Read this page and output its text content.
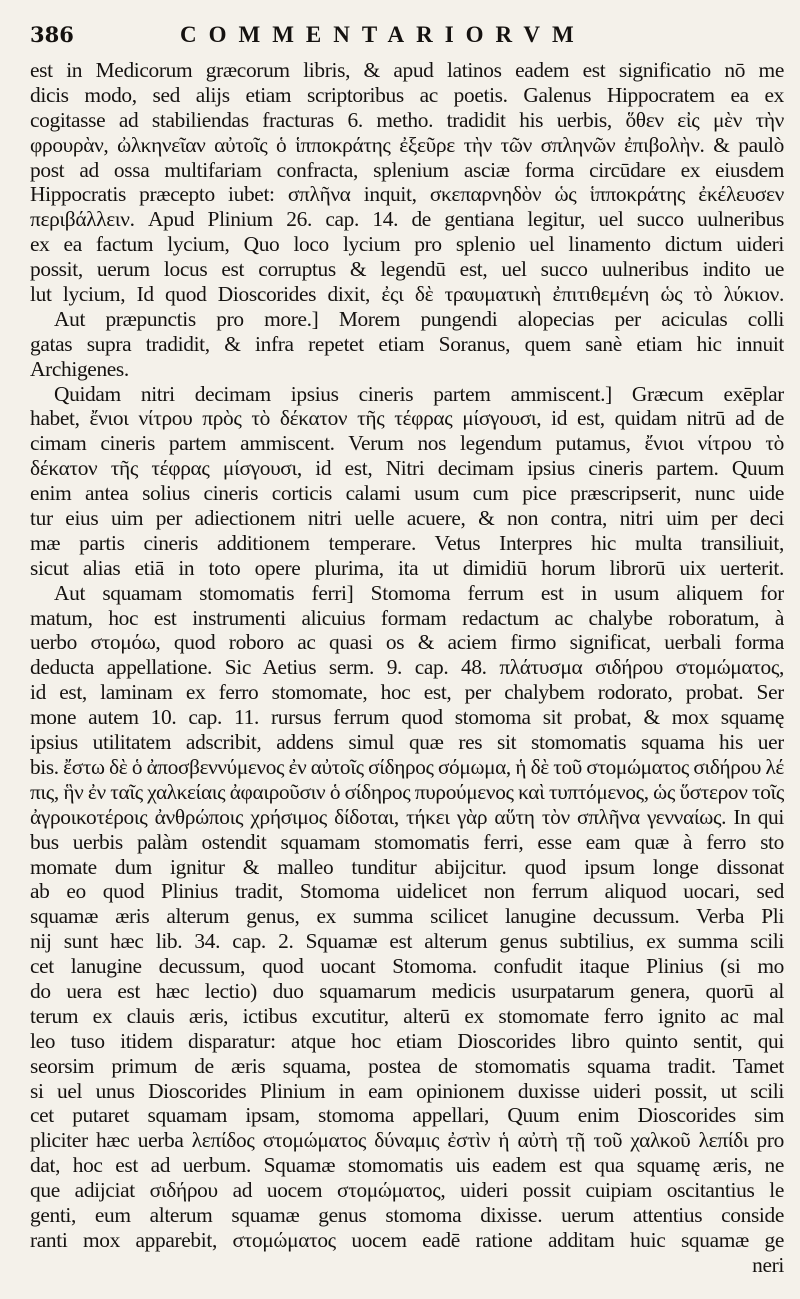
386	COMMENTARIORVM
est in Medicorum græcorum libris, & apud latinos eadem est significatio nō me
dicis modo, sed alijs etiam scriptoribus ac poetis. Galenus Hippocratem ea ex
cogitasse ad stabiliendas fracturas 6. metho. tradidit his uerbis, ὅθεν εἰς μὲν τὴν
φρουρὰν, ὠλκηνεῖαν αὐτοῖς ὁ ἱπποκράτης ἐξεῦρε τὴν τῶν σπληνῶν ἐπιβολὴν. & paulò
post ad ossa multifariam confracta, splenium asciæ forma circūdare ex eiusdem
Hippocratis præcepto iubet: σπλῆνα inquit, σκεπαρνηδὸν ὡς ἱπποκράτης ἐκέλευσεν
περιβάλλειν. Apud Plinium 26. cap. 14. de gentiana legitur, uel succo uulneribus
ex ea factum lycium, Quo loco lycium pro splenio uel linamento dictum uideri
possit, uerum locus est corruptus & legendū est, uel succo uulneribus indito ue
lut lycium, Id quod Dioscorides dixit, ἐςι δὲ τραυματικὴ ἐπιτιθεμένη ὡς τὸ λύκιον.
Aut præpunctis pro more.] Morem pungendi alopecias per aciculas colli
gatas supra tradidit, & infra repetet etiam Soranus, quem sanè etiam hic innuit
Archigenes.
Quidam nitri decimam ipsius cineris partem ammiscent.] Græcum exēplar
habet, ἔνιοι νίτρου πρὸς τὸ δέκατον τῆς τέφρας μίσγουσι, id est, quidam nitrū ad de
cimam cineris partem ammiscent. Verum nos legendum putamus, ἔνιοι νίτρου τὸ
δέκατον τῆς τέφρας μίσγουσι, id est, Nitri decimam ipsius cineris partem. Quum
enim antea solius cineris corticis calami usum cum pice præscripserit, nunc uide
tur eius uim per adiectionem nitri uelle acuere, & non contra, nitri uim per deci
mæ partis cineris additionem temperare. Vetus Interpres hic multa transiliuit,
sicut alias etiā in toto opere plurima, ita ut dimidiū horum librorū uix uerterit.
Aut squamam stomomatis ferri] Stomoma ferrum est in usum aliquem for
matum, hoc est instrumenti alicuius formam redactum ac chalybe roboratum, à
uerbo στομόω, quod roboro ac quasi os & aciem firmo significat, uerbali forma
deducta appellatione. Sic Aetius serm. 9. cap. 48. πλάτυσμα σιδήρου στομώματος,
id est, laminam ex ferro stomomate, hoc est, per chalybem rodorato, probat. Ser
mone autem 10. cap. 11. rursus ferrum quod stomoma sit probat, & mox squamę
ipsius utilitatem adscribit, addens simul quæ res sit stomomatis squama his uer
bis. ἔστω δὲ ὁ ἀποσβεννύμενος ἐν αὐτοῖς σίδηρος σόμωμα, ἡ δὲ τοῦ στομώματος σιδήρου λέ
πις, ἣν ἐν ταῖς χαλκείαις ἀφαιροῦσιν ὁ σίδηρος πυρούμενος καὶ τυπτόμενος, ὡς ὕστερον τοῖς
ἀγροικοτέροις ἀνθρώποις χρήσιμος δίδοται, τήκει γὰρ αὕτη τὸν σπλῆνα γενναίως. In qui
bus uerbis palàm ostendit squamam stomomatis ferri, esse eam quæ à ferro sto
momate dum ignitur & malleo tunditur abijcitur. quod ipsum longe dissonat
ab eo quod Plinius tradit, Stomoma uidelicet non ferrum aliquod uocari, sed
squamæ æris alterum genus, ex summa scilicet lanugine decussum. Verba Pli
nij sunt hæc lib. 34. cap. 2. Squamæ est alterum genus subtilius, ex summa scili
cet lanugine decussum, quod uocant Stomoma. confudit itaque Plinius (si mo
do uera est hæc lectio) duo squamarum medicis usurpatarum genera, quorū al
terum ex clauis æris, ictibus excutitur, alterū ex stomomate ferro ignito ac mal
leo tuso itidem disparatur: atque hoc etiam Dioscorides libro quinto sentit, qui
seorsim primum de æris squama, postea de stomomatis squama tradit. Tamet
si uel unus Dioscorides Plinium in eam opinionem duxisse uideri possit, ut scili
cet putaret squamam ipsam, stomoma appellari, Quum enim Dioscorides sim
pliciter hæc uerba λεπίδος στομώματος δύναμις ἐστὶν ἡ αὐτὴ τῇ τοῦ χαλκοῦ λεπίδι pro
dat, hoc est ad uerbum. Squamæ stomomatis uis eadem est qua squamę æris, ne
que adijciat σιδήρου ad uocem στομώματος, uideri possit cuipiam oscitantius le
genti, eum alterum squamæ genus stomoma dixisse. uerum attentius conside
ranti mox apparebit, στομώματος uocem eadē ratione additam huic squamæ ge
neri
